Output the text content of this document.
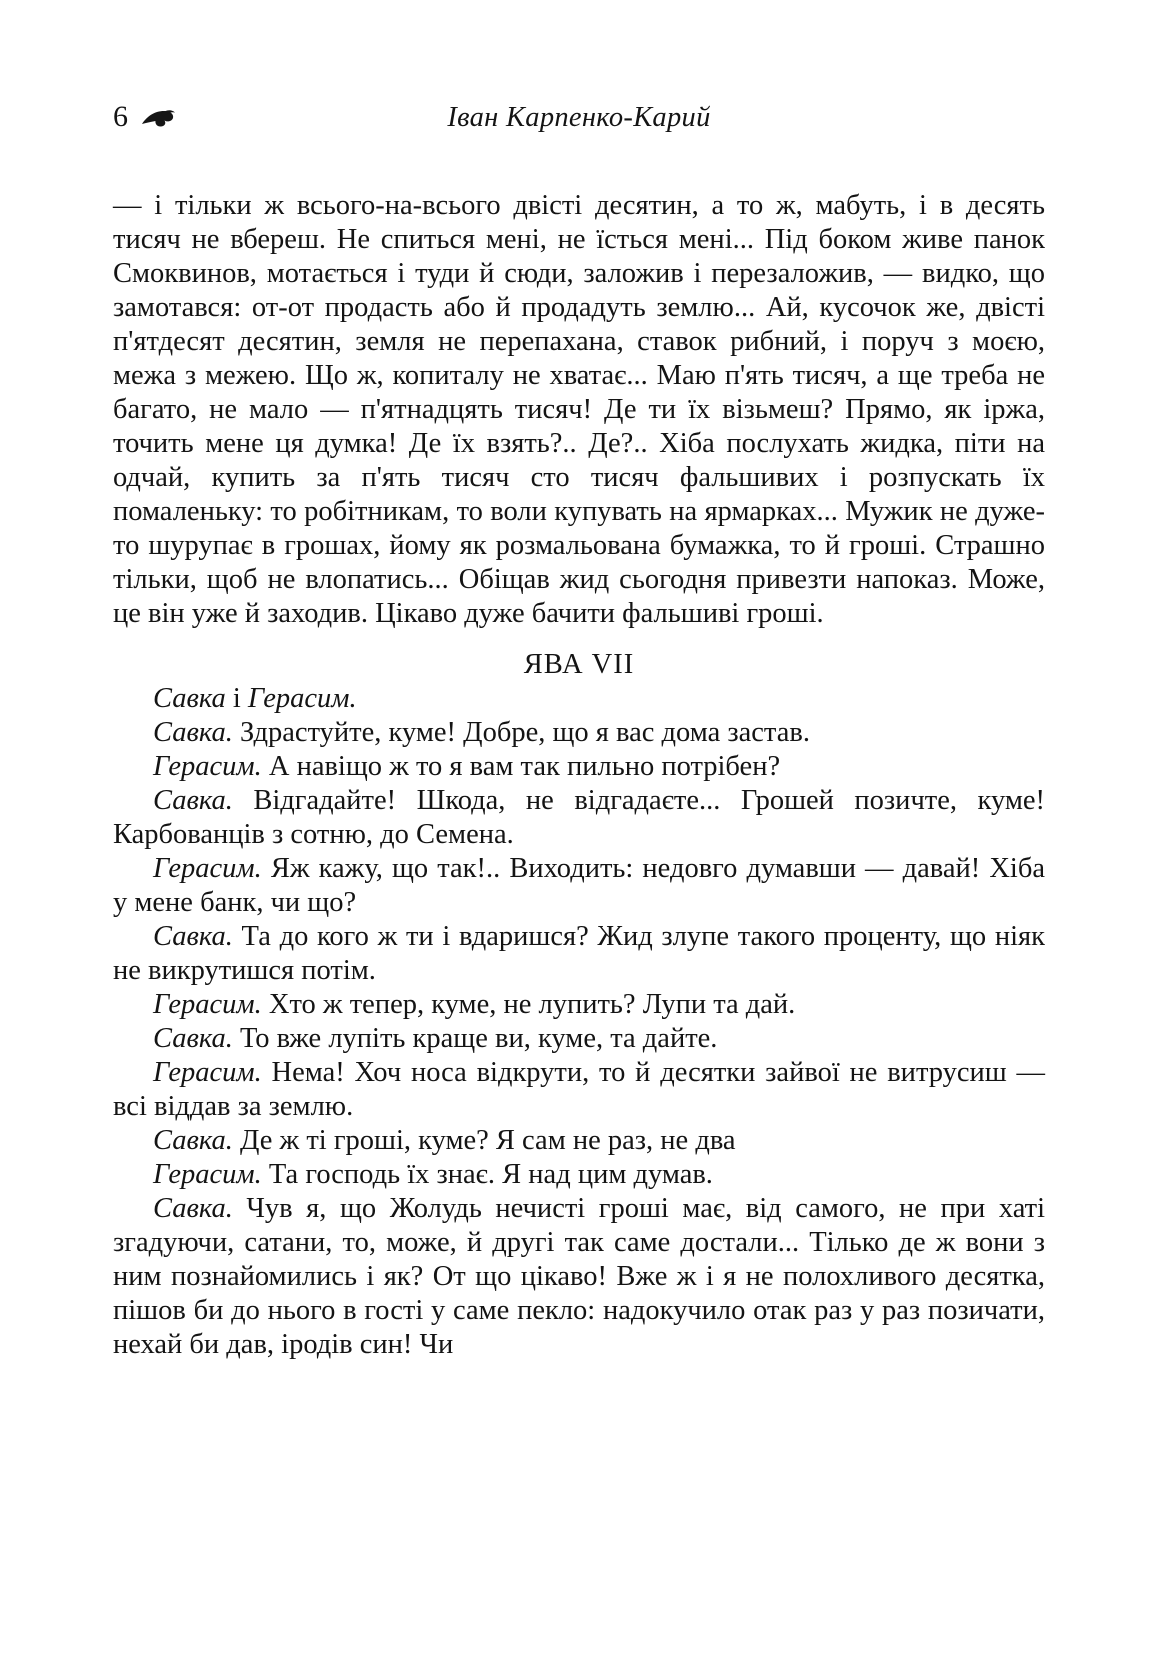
6	Іван Карпенко-Карий

— і тільки ж всього-на-всього двісті десятин, а то ж, мабуть, і в десять тисяч не вбереш. Не спиться мені, не їсться мені... Під боком живе панок Смоквинов, мотається і туди й сюди, заложив і перезаложив, — видко, що замотався: от-от продасть або й продадуть землю... Ай, кусочок же, двісті п'ятдесят десятин, земля не перепахана, ставок рибний, і поруч з моєю, межа з межею. Що ж, копиталу не хватає... Маю п'ять тисяч, а ще треба не багато, не мало — п'ятнадцять тисяч! Де ти їх візьмеш? Прямо, як іржа, точить мене ця думка! Де їх взять?.. Де?.. Хіба послухать жидка, піти на одчай, купить за п'ять тисяч сто тисяч фальшивих і розпускать їх помаленьку: то робітникам, то воли купувать на ярмарках... Мужик не дуже-то шурупає в грошах, йому як розмальована бумажка, то й гроші. Страшно тільки, щоб не влопатись... Обіщав жид сьогодня привезти напоказ. Може, це він уже й заходив. Цікаво дуже бачити фальшиві гроші.

ЯВА VII

Савка і Герасим.

Савка. Здрастуйте, куме! Добре, що я вас дома застав.

Герасим. А навіщо ж то я вам так пильно потрібен?

Савка. Відгадайте! Шкода, не відгадаєте... Грошей позичте, куме! Карбованців з сотню, до Семена.

Герасим. Яж кажу, що так!.. Виходить: недовго думавши — давай! Хіба у мене банк, чи що?

Савка. Та до кого ж ти і вдаришся? Жид злупе такого проценту, що ніяк не викрутишся потім.

Герасим. Хто ж тепер, куме, не лупить? Лупи та дай.

Савка. То вже лупіть краще ви, куме, та дайте.

Герасим. Нема! Хоч носа відкрути, то й десятки зайвої не витрусиш — всі віддав за землю.

Савка. Де ж ті гроші, куме? Я сам не раз, не два

Герасим. Та господь їх знає. Я над цим думав.

Савка. Чув я, що Жолудь нечисті гроші має, від самого, не при хаті згадуючи, сатани, то, може, й другі так саме достали... Тілько де ж вони з ним познайомились і як? От що цікаво! Вже ж і я не полохливого десятка, пішов би до нього в гості у саме пекло: надокучило отак раз у раз позичати, нехай би дав, іродів син! Чи
